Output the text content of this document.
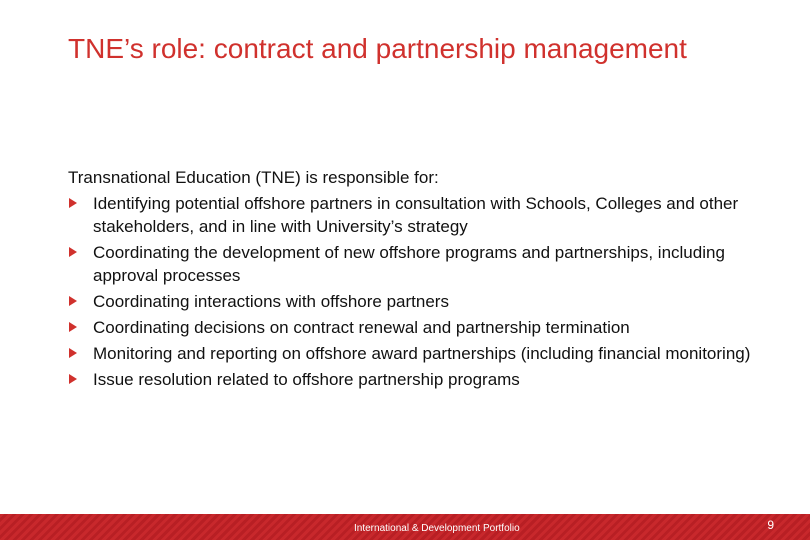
TNE’s role: contract and partnership management

Transnational Education (TNE) is responsible for:

Identifying potential offshore partners in consultation with Schools, Colleges and other stakeholders, and in line with University’s strategy
Coordinating the development of new offshore programs and partnerships, including approval processes
Coordinating interactions with offshore partners
Coordinating decisions on contract renewal and partnership termination
Monitoring and reporting on offshore award partnerships (including financial monitoring)
Issue resolution related to offshore partnership programs
International & Development Portfolio	9
